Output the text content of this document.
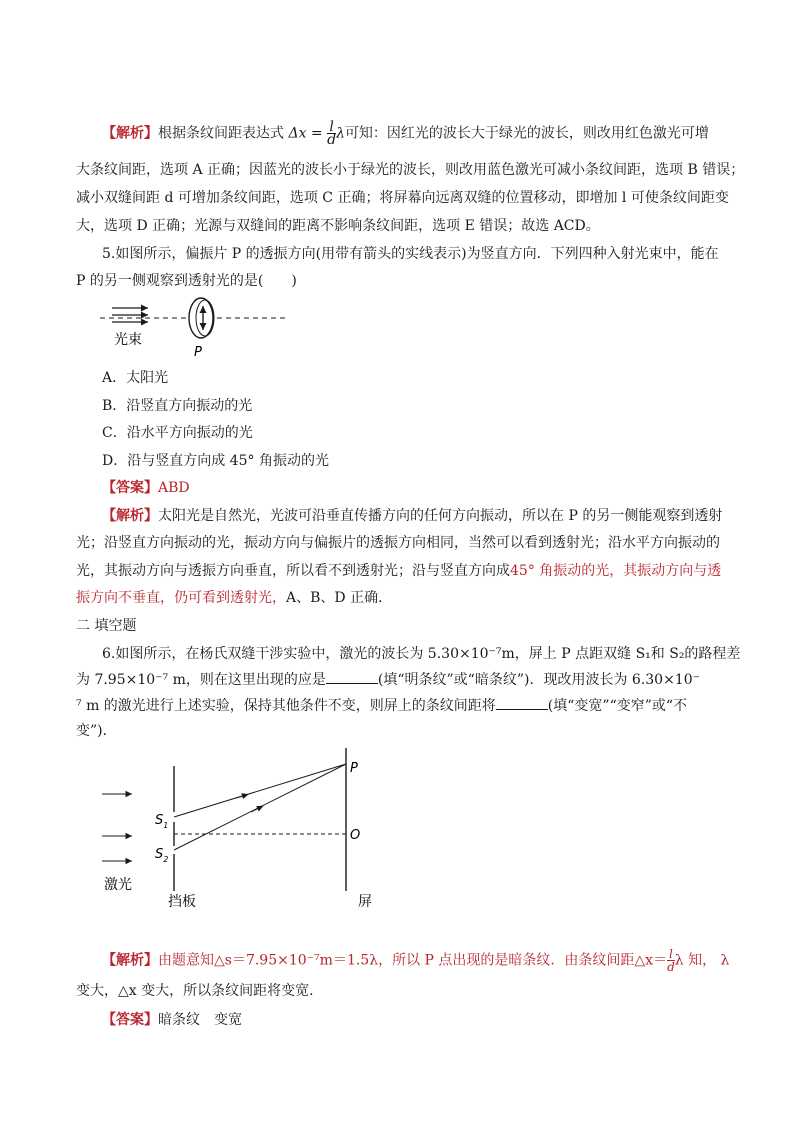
【解析】根据条纹间距表达式 $\Delta x = \frac{l}{d}$ λ可知：因红光的波长大于绿光的波长，则改用红色激光可增
大条纹间距，选项 A 正确；因蓝光的波长小于绿光的波长，则改用蓝色激光可减小条纹间距，选项 B 错误；
减小双缝间距 d 可增加条纹间距，选项 C 正确；将屏幕向远离双缝的位置移动，即增加 l 可使条纹间距变
大，选项 D 正确；光源与双缝间的距离不影响条纹间距，选项 E 错误；故选 ACD。
5.如图所示，偏振片 P 的透振方向(用带有箭头的实线表示)为竖直方向．下列四种入射光束中，能在
P 的另一侧观察到透射光的是(　　)
光束
P
A．太阳光
B．沿竖直方向振动的光
C．沿水平方向振动的光
D．沿与竖直方向成 45° 角振动的光
【答案】ABD
【解析】太阳光是自然光，光波可沿垂直传播方向的任何方向振动，所以在 P 的另一侧能观察到透射
光；沿竖直方向振动的光，振动方向与偏振片的透振方向相同，当然可以看到透射光；沿水平方向振动的
光，其振动方向与透振方向垂直，所以看不到透射光；沿与竖直方向成45° 角振动的光，其振动方向与透
振方向不垂直，仍可看到透射光，A、B、D 正确．
二 填空题
6.如图所示，在杨氏双缝干涉实验中，激光的波长为 5.30×10⁻⁷m，屏上 P 点距双缝 S₁和 S₂的路程差
为 7.95×10⁻⁷ m，则在这里出现的应是	(填“明条纹”或“暗条纹”)．现改用波长为 6.30×10⁻
⁷ m 的激光进行上述实验，保持其他条件不变，则屏上的条纹间距将	(填“变宽”“变窄”或“不
变”)．
$S_1$
$S_2$
P
O
激光
挡板	屏
【解析】由题意知△s＝7.95×10⁻⁷m＝1.5λ，所以 P 点出现的是暗条纹．由条纹间距△x＝ $\frac{l}{d}$ λ 知， λ
变大，△x 变大，所以条纹间距将变宽．
【答案】暗条纹　变宽
